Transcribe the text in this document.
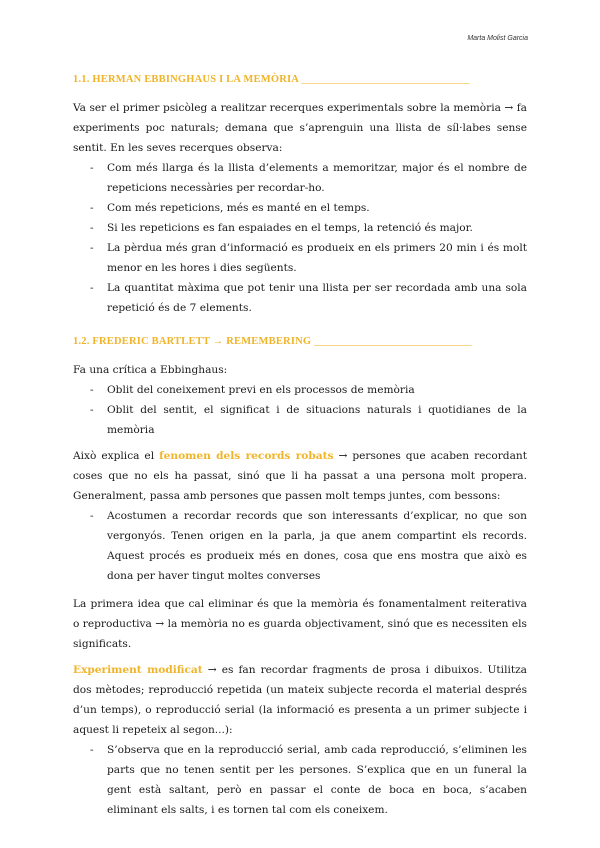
Marta Molist Garcia
1.1. HERMAN EBBINGHAUS I LA MEMÒRIA ________________________________

Va ser el primer psicòleg a realitzar recerques experimentals sobre la memòria → fa experiments poc naturals; demana que s’aprenguin una llista de síl·labes sense sentit. En les seves recerques observa:

- Com més llarga és la llista d’elements a memoritzar, major és el nombre de repeticions necessàries per recordar-ho.
- Com més repeticions, més es manté en el temps.
- Si les repeticions es fan espaiades en el temps, la retenció és major.
- La pèrdua més gran d’informació es produeix en els primers 20 min i és molt menor en les hores i dies següents.
- La quantitat màxima que pot tenir una llista per ser recordada amb una sola repetició és de 7 elements.
1.2. FREDERIC BARTLETT → REMEMBERING ______________________________

Fa una crítica a Ebbinghaus:

- Oblit del coneixement previ en els processos de memòria
- Oblit del sentit, el significat i de situacions naturals i quotidianes de la memòria

Això explica el fenomen dels records robats → persones que acaben recordant coses que no els ha passat, sinó que li ha passat a una persona molt propera. Generalment, passa amb persones que passen molt temps juntes, com bessons:

- Acostumen a recordar records que son interessants d’explicar, no que son vergonyós. Tenen origen en la parla, ja que anem compartint els records. Aquest procés es produeix més en dones, cosa que ens mostra que això es dona per haver tingut moltes converses

La primera idea que cal eliminar és que la memòria és fonamentalment reiterativa o reproductiva → la memòria no es guarda objectivament, sinó que es necessiten els significats.

Experiment modificat → es fan recordar fragments de prosa i dibuixos. Utilitza dos mètodes; reproducció repetida (un mateix subjecte recorda el material després d’un temps), o reproducció serial (la informació es presenta a un primer subjecte i aquest li repeteix al segon...):

- S’observa que en la reproducció serial, amb cada reproducció, s’eliminen les parts que no tenen sentit per les persones. S’explica que en un funeral la gent està saltant, però en passar el conte de boca en boca, s’acaben eliminant els salts, i es tornen tal com els coneixem.
